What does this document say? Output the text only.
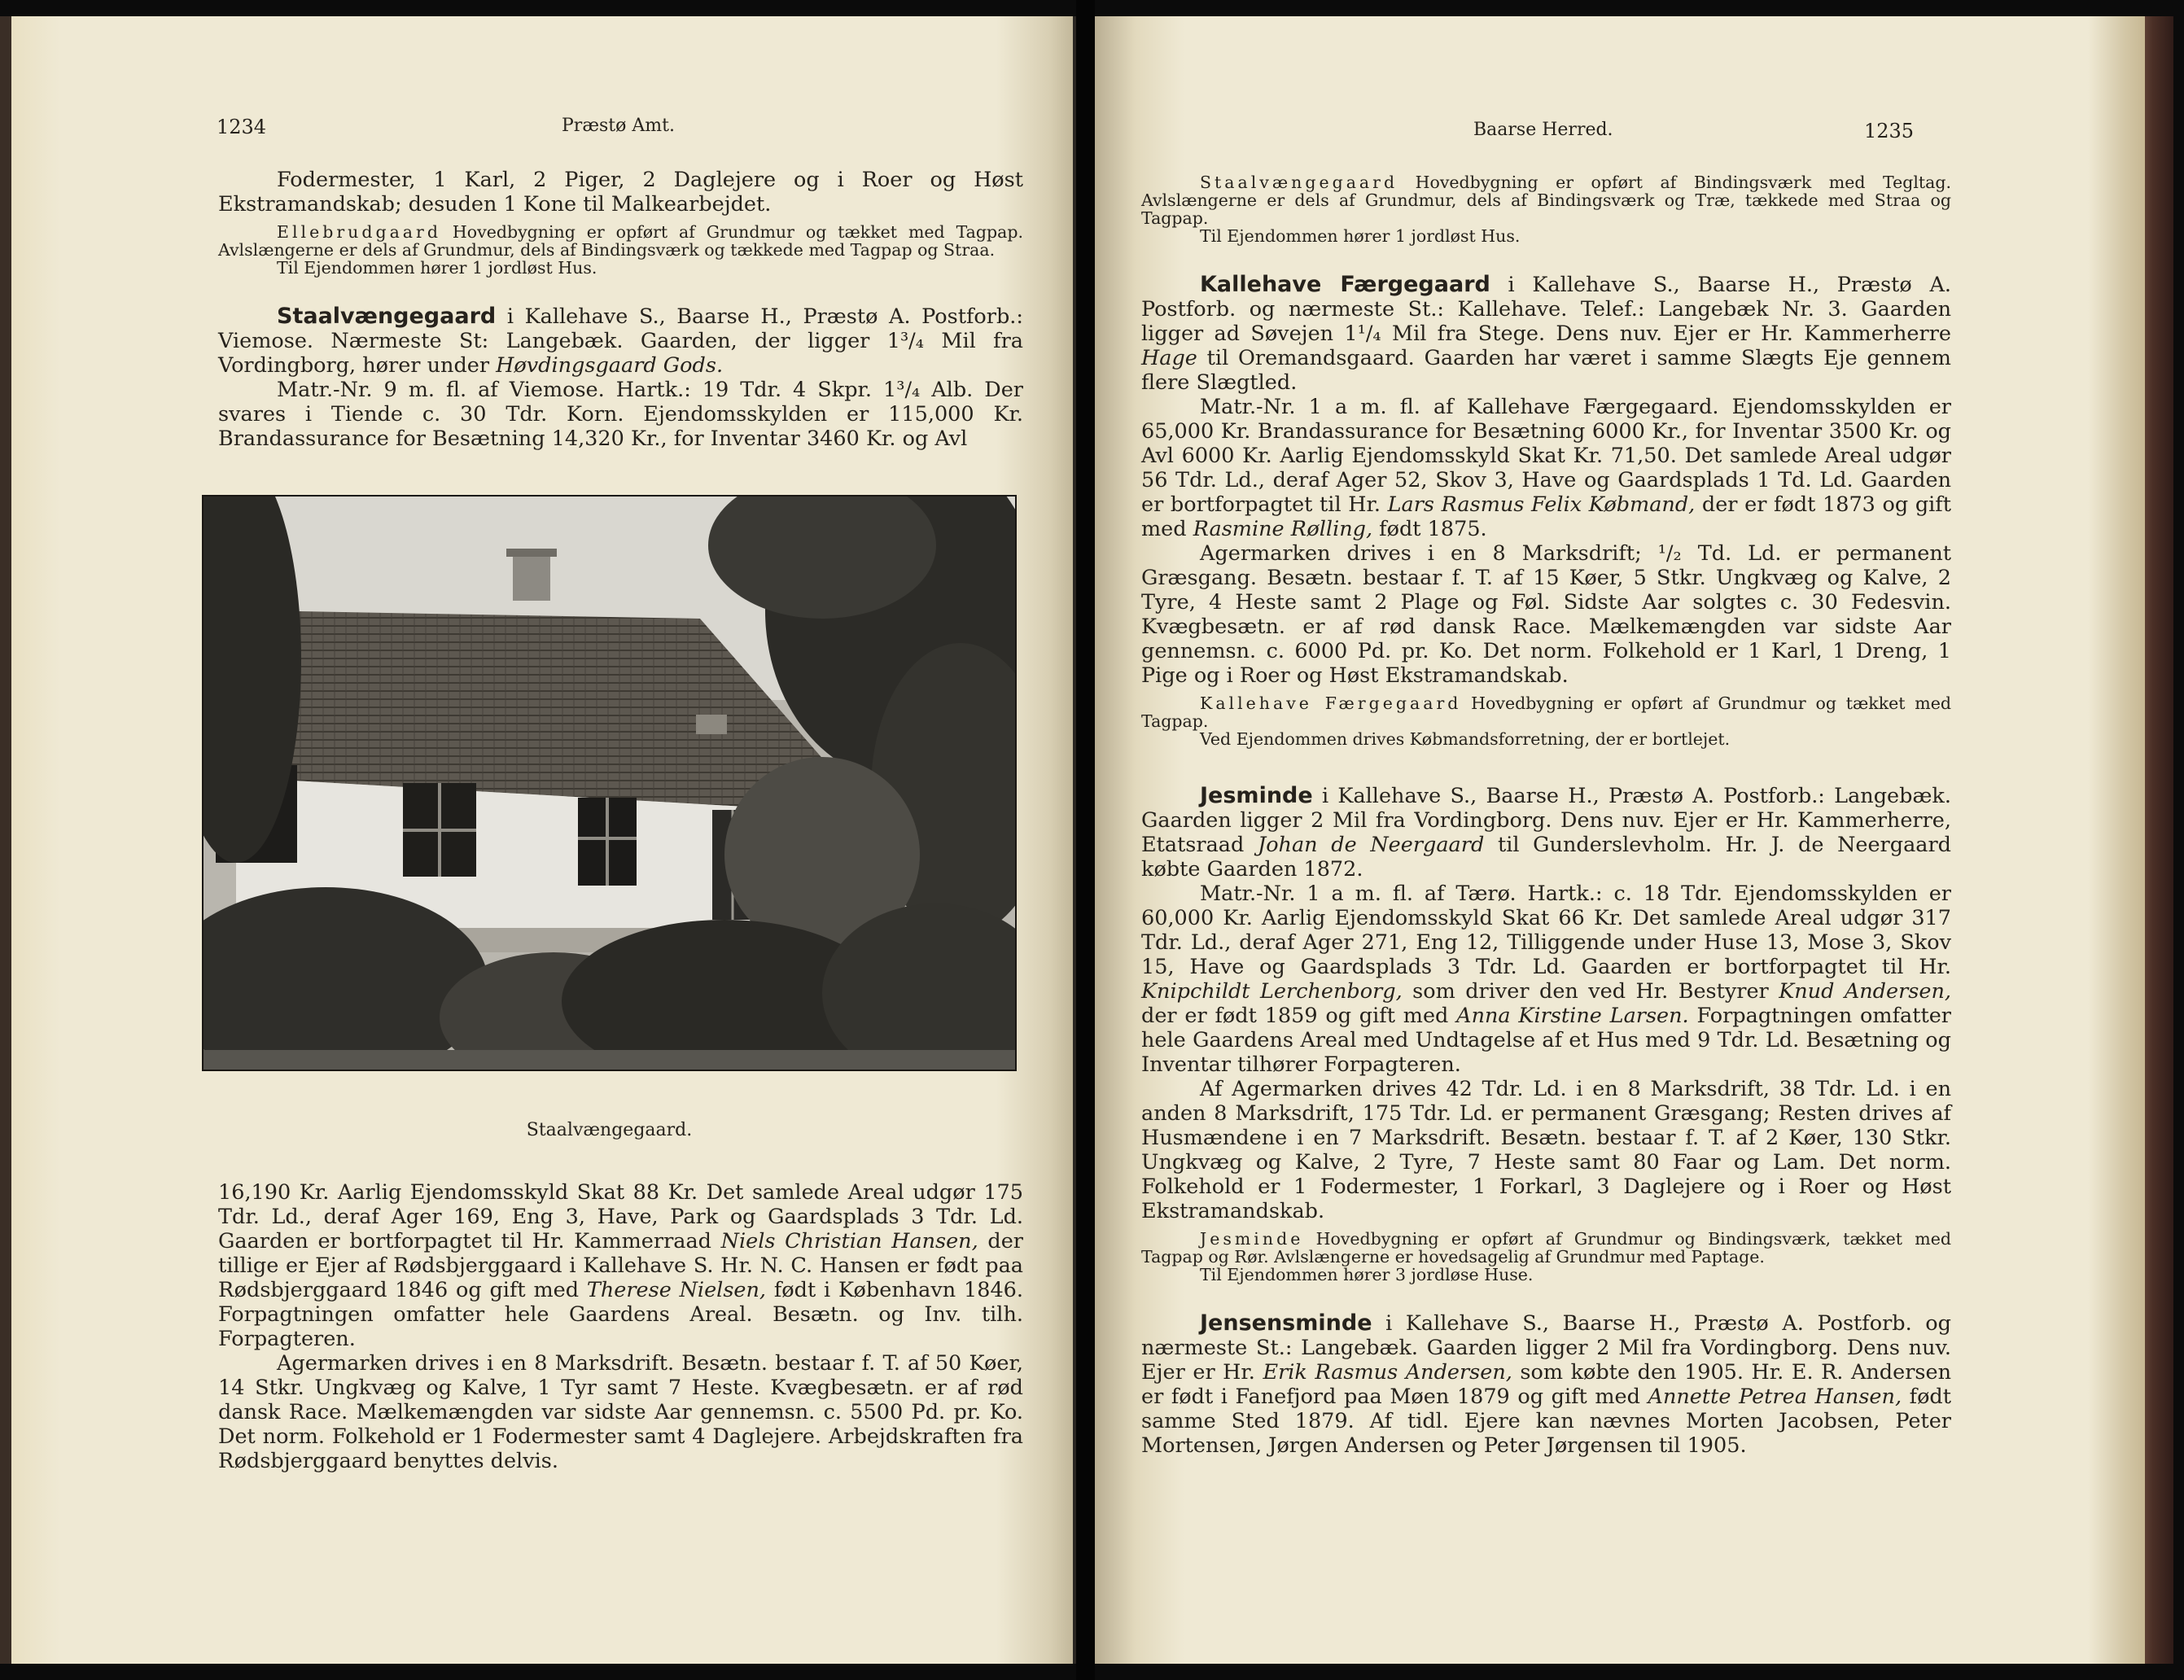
1234	Præstø Amt.

Fodermester, 1 Karl, 2 Piger, 2 Daglejere og i Roer og Høst Ekstramandskab; desuden 1 Kone til Malkearbejdet.

Ellebrudgaard Hovedbygning er opført af Grundmur og tækket med Tagpap. Avlslængerne er dels af Grundmur, dels af Bindingsværk og tækkede med Tagpap og Straa.

Til Ejendommen hører 1 jordløst Hus.

Staalvængegaard i Kallehave S., Baarse H., Præstø A. Postforb.: Viemose. Nærmeste St: Langebæk. Gaarden, der ligger 1³/₄ Mil fra Vordingborg, hører under Høvdingsgaard Gods.

Matr.-Nr. 9 m. fl. af Viemose. Hartk.: 19 Tdr. 4 Skpr. 1³/₄ Alb. Der svares i Tiende c. 30 Tdr. Korn. Ejendomsskylden er 115,000 Kr. Brandassurance for Besætning 14,320 Kr., for Inventar 3460 Kr. og Avl

Staalvængegaard.

16,190 Kr. Aarlig Ejendomsskyld Skat 88 Kr. Det samlede Areal udgør 175 Tdr. Ld., deraf Ager 169, Eng 3, Have, Park og Gaardsplads 3 Tdr. Ld. Gaarden er bortforpagtet til Hr. Kammerraad Niels Christian Hansen, der tillige er Ejer af Rødsbjerggaard i Kallehave S. Hr. N. C. Hansen er født paa Rødsbjerggaard 1846 og gift med Therese Nielsen, født i København 1846. Forpagtningen omfatter hele Gaardens Areal. Besætn. og Inv. tilh. Forpagteren.

Agermarken drives i en 8 Marksdrift. Besætn. bestaar f. T. af 50 Køer, 14 Stkr. Ungkvæg og Kalve, 1 Tyr samt 7 Heste. Kvægbesætn. er af rød dansk Race. Mælkemængden var sidste Aar gennemsn. c. 5500 Pd. pr. Ko. Det norm. Folkehold er 1 Fodermester samt 4 Daglejere. Arbejdskraften fra Rødsbjerggaard benyttes delvis.

Baarse Herred.	1235

Staalvængegaard Hovedbygning er opført af Bindingsværk med Tegltag. Avlslængerne er dels af Grundmur, dels af Bindingsværk og Træ, tækkede med Straa og Tagpap.

Til Ejendommen hører 1 jordløst Hus.

Kallehave Færgegaard i Kallehave S., Baarse H., Præstø A. Postforb. og nærmeste St.: Kallehave. Telef.: Langebæk Nr. 3. Gaarden ligger ad Søvejen 1¹/₄ Mil fra Stege. Dens nuv. Ejer er Hr. Kammerherre Hage til Oremandsgaard. Gaarden har været i samme Slægts Eje gennem flere Slægtled.

Matr.-Nr. 1 a m. fl. af Kallehave Færgegaard. Ejendomsskylden er 65,000 Kr. Brandassurance for Besætning 6000 Kr., for Inventar 3500 Kr. og Avl 6000 Kr. Aarlig Ejendomsskyld Skat Kr. 71,50. Det samlede Areal udgør 56 Tdr. Ld., deraf Ager 52, Skov 3, Have og Gaardsplads 1 Td. Ld. Gaarden er bortforpagtet til Hr. Lars Rasmus Felix Købmand, der er født 1873 og gift med Rasmine Rølling, født 1875.

Agermarken drives i en 8 Marksdrift; ¹/₂ Td. Ld. er permanent Græsgang. Besætn. bestaar f. T. af 15 Køer, 5 Stkr. Ungkvæg og Kalve, 2 Tyre, 4 Heste samt 2 Plage og Føl. Sidste Aar solgtes c. 30 Fedesvin. Kvægbesætn. er af rød dansk Race. Mælkemængden var sidste Aar gennemsn. c. 6000 Pd. pr. Ko. Det norm. Folkehold er 1 Karl, 1 Dreng, 1 Pige og i Roer og Høst Ekstramandskab.

Kallehave Færgegaard Hovedbygning er opført af Grundmur og tækket med Tagpap.

Ved Ejendommen drives Købmandsforretning, der er bortlejet.

Jesminde i Kallehave S., Baarse H., Præstø A. Postforb.: Langebæk. Gaarden ligger 2 Mil fra Vordingborg. Dens nuv. Ejer er Hr. Kammerherre, Etatsraad Johan de Neergaard til Gunderslevholm. Hr. J. de Neergaard købte Gaarden 1872.

Matr.-Nr. 1 a m. fl. af Tærø. Hartk.: c. 18 Tdr. Ejendomsskylden er 60,000 Kr. Aarlig Ejendomsskyld Skat 66 Kr. Det samlede Areal udgør 317 Tdr. Ld., deraf Ager 271, Eng 12, Tilliggende under Huse 13, Mose 3, Skov 15, Have og Gaardsplads 3 Tdr. Ld. Gaarden er bortforpagtet til Hr. Knipchildt Lerchenborg, som driver den ved Hr. Bestyrer Knud Andersen, der er født 1859 og gift med Anna Kirstine Larsen. Forpagtningen omfatter hele Gaardens Areal med Undtagelse af et Hus med 9 Tdr. Ld. Besætning og Inventar tilhører Forpagteren.

Af Agermarken drives 42 Tdr. Ld. i en 8 Marksdrift, 38 Tdr. Ld. i en anden 8 Marksdrift, 175 Tdr. Ld. er permanent Græsgang; Resten drives af Husmændene i en 7 Marksdrift. Besætn. bestaar f. T. af 2 Køer, 130 Stkr. Ungkvæg og Kalve, 2 Tyre, 7 Heste samt 80 Faar og Lam. Det norm. Folkehold er 1 Fodermester, 1 Forkarl, 3 Daglejere og i Roer og Høst Ekstramandskab.

Jesminde Hovedbygning er opført af Grundmur og Bindingsværk, tækket med Tagpap og Rør. Avlslængerne er hovedsagelig af Grundmur med Paptage.

Til Ejendommen hører 3 jordløse Huse.

Jensensminde i Kallehave S., Baarse H., Præstø A. Postforb. og nærmeste St.: Langebæk. Gaarden ligger 2 Mil fra Vordingborg. Dens nuv. Ejer er Hr. Erik Rasmus Andersen, som købte den 1905. Hr. E. R. Andersen er født i Fanefjord paa Møen 1879 og gift med Annette Petrea Hansen, født samme Sted 1879. Af tidl. Ejere kan nævnes Morten Jacobsen, Peter Mortensen, Jørgen Andersen og Peter Jørgensen til 1905.
